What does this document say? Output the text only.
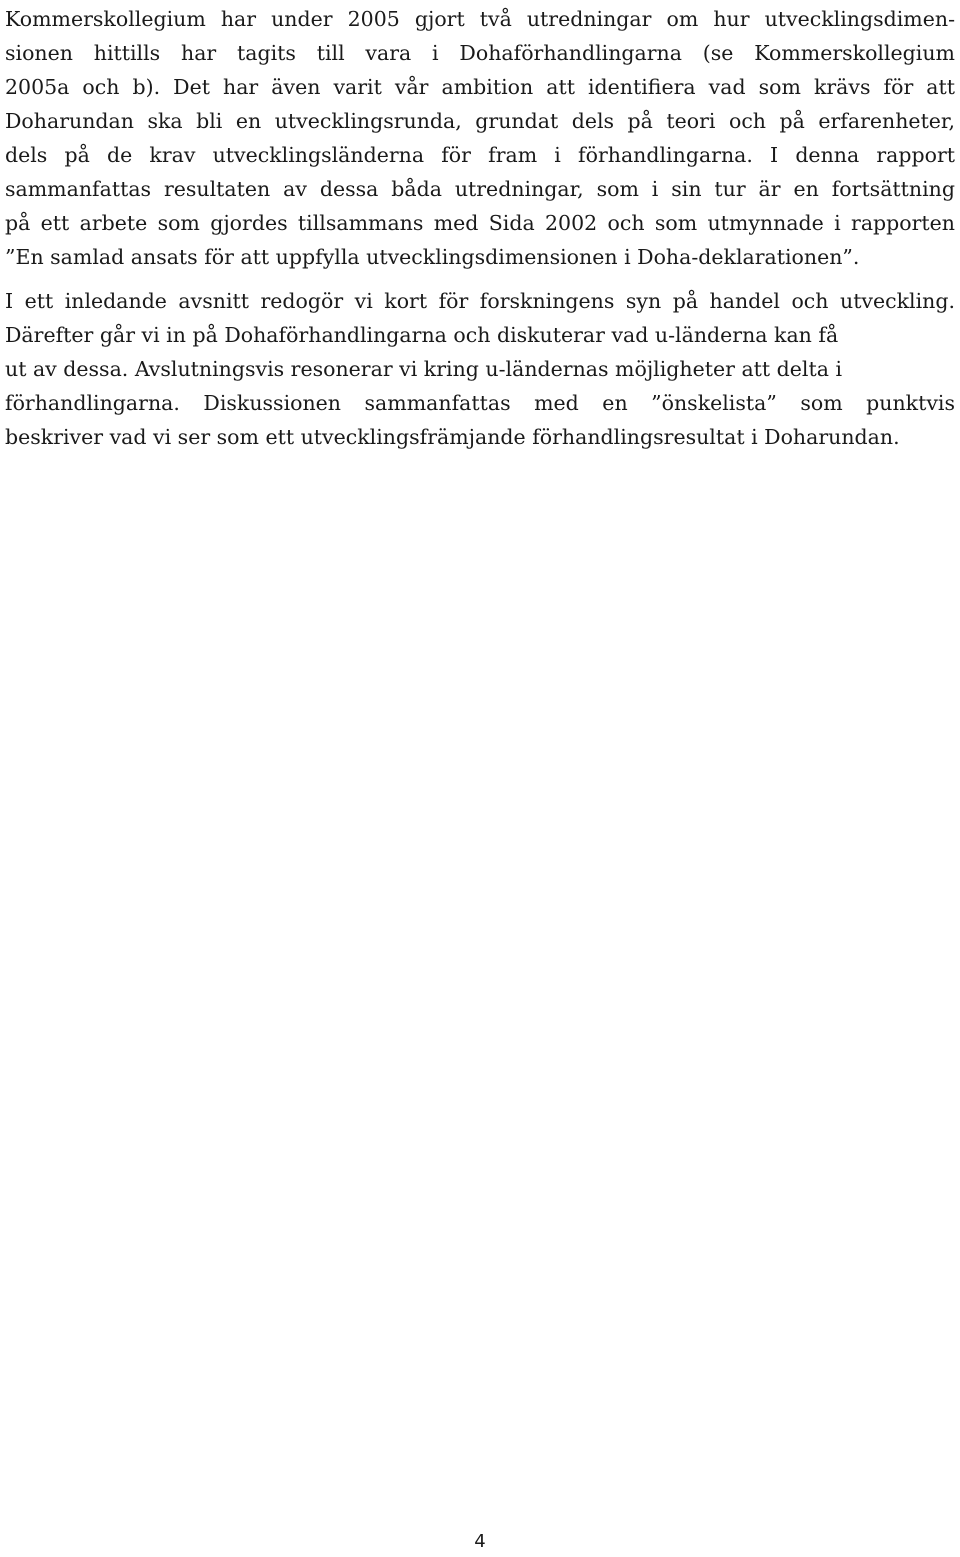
Kommerskollegium har under 2005 gjort två utredningar om hur utvecklingsdimen-
sionen hittills har tagits till vara i Dohaförhandlingarna (se Kommerskollegium
2005a och b). Det har även varit vår ambition att identifiera vad som krävs för att
Doharundan ska bli en utvecklingsrunda, grundat dels på teori och på erfarenheter,
dels på de krav utvecklingsländerna för fram i förhandlingarna. I denna rapport
sammanfattas resultaten av dessa båda utredningar, som i sin tur är en fortsättning
på ett arbete som gjordes tillsammans med Sida 2002 och som utmynnade i rapporten
”En samlad ansats för att uppfylla utvecklingsdimensionen i Doha-deklarationen”.

I ett inledande avsnitt redogör vi kort för forskningens syn på handel och utveckling.
Därefter går vi in på Dohaförhandlingarna och diskuterar vad u-länderna kan få
ut av dessa. Avslutningsvis resonerar vi kring u-ländernas möjligheter att delta i
förhandlingarna. Diskussionen sammanfattas med en ”önskelista” som punktvis
beskriver vad vi ser som ett utvecklingsfrämjande förhandlingsresultat i Doharundan.

4
